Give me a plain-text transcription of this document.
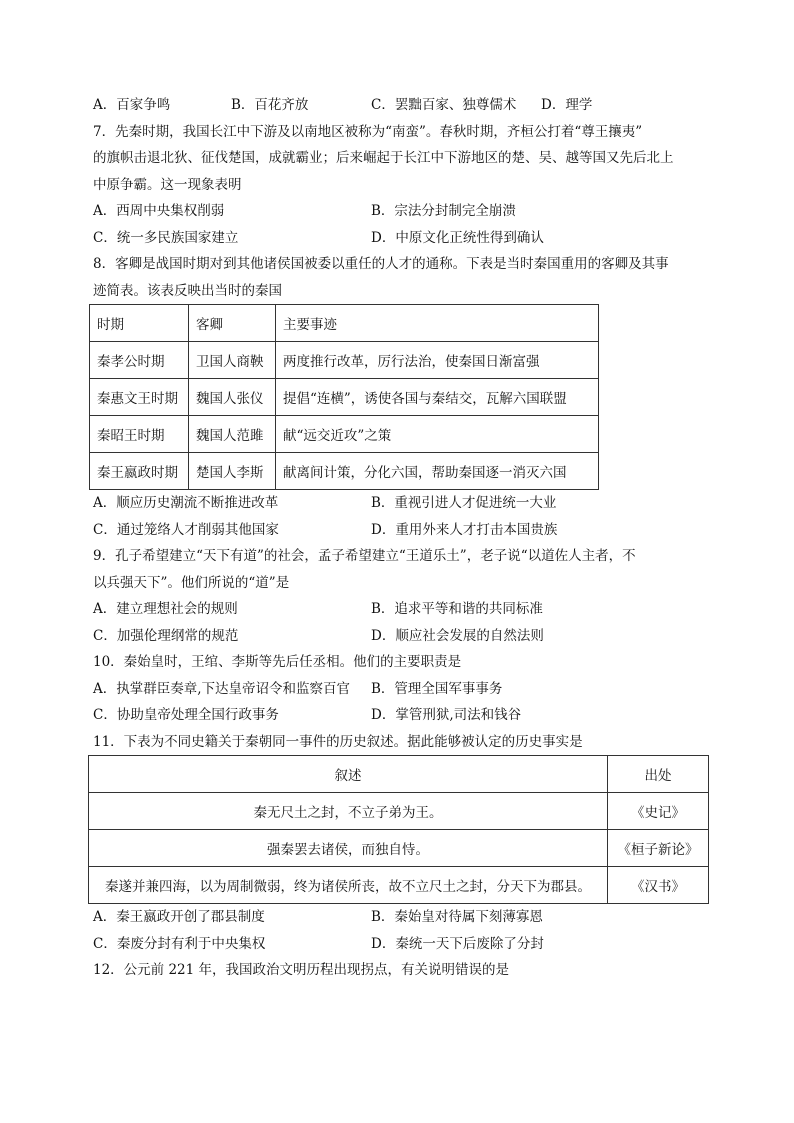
A．百家争鸣	B．百花齐放	C．罢黜百家、独尊儒术	D．理学
7．先秦时期，我国长江中下游及以南地区被称为“南蛮”。春秋时期，齐桓公打着“尊王攘夷”
的旗帜击退北狄、征伐楚国，成就霸业；后来崛起于长江中下游地区的楚、吴、越等国又先后北上
中原争霸。这一现象表明
A．西周中央集权削弱	B．宗法分封制完全崩溃
C．统一多民族国家建立	D．中原文化正统性得到确认
8．客卿是战国时期对到其他诸侯国被委以重任的人才的通称。下表是当时秦国重用的客卿及其事
迹简表。该表反映出当时的秦国
时期	客卿	主要事迹
秦孝公时期	卫国人商鞅	两度推行改革，厉行法治，使秦国日渐富强
秦惠文王时期	魏国人张仪	提倡“连横”，诱使各国与秦结交，瓦解六国联盟
秦昭王时期	魏国人范雎	献“远交近攻”之策
秦王嬴政时期	楚国人李斯	献离间计策，分化六国，帮助秦国逐一消灭六国
A．顺应历史潮流不断推进改革	B．重视引进人才促进统一大业
C．通过笼络人才削弱其他国家	D．重用外来人才打击本国贵族
9．孔子希望建立“天下有道”的社会，孟子希望建立“王道乐土”，老子说“以道佐人主者，不
以兵强天下”。他们所说的“道”是
A．建立理想社会的规则	B．追求平等和谐的共同标准
C．加强伦理纲常的规范	D．顺应社会发展的自然法则
10．秦始皇时，王绾、李斯等先后任丞相。他们的主要职责是
A．执掌群臣奏章,下达皇帝诏令和监察百官	B．管理全国军事事务
C．协助皇帝处理全国行政事务	D．掌管刑狱,司法和钱谷
11．下表为不同史籍关于秦朝同一事件的历史叙述。据此能够被认定的历史事实是
叙述	出处
秦无尺土之封，不立子弟为王。	《史记》
强秦罢去诸侯，而独自恃。	《桓子新论》
秦遂并兼四海，以为周制微弱，终为诸侯所丧，故不立尺土之封，分天下为郡县。	《汉书》
A．秦王嬴政开创了郡县制度	B．秦始皇对待属下刻薄寡恩
C．秦废分封有利于中央集权	D．秦统一天下后废除了分封
12．公元前 221 年，我国政治文明历程出现拐点，有关说明错误的是
